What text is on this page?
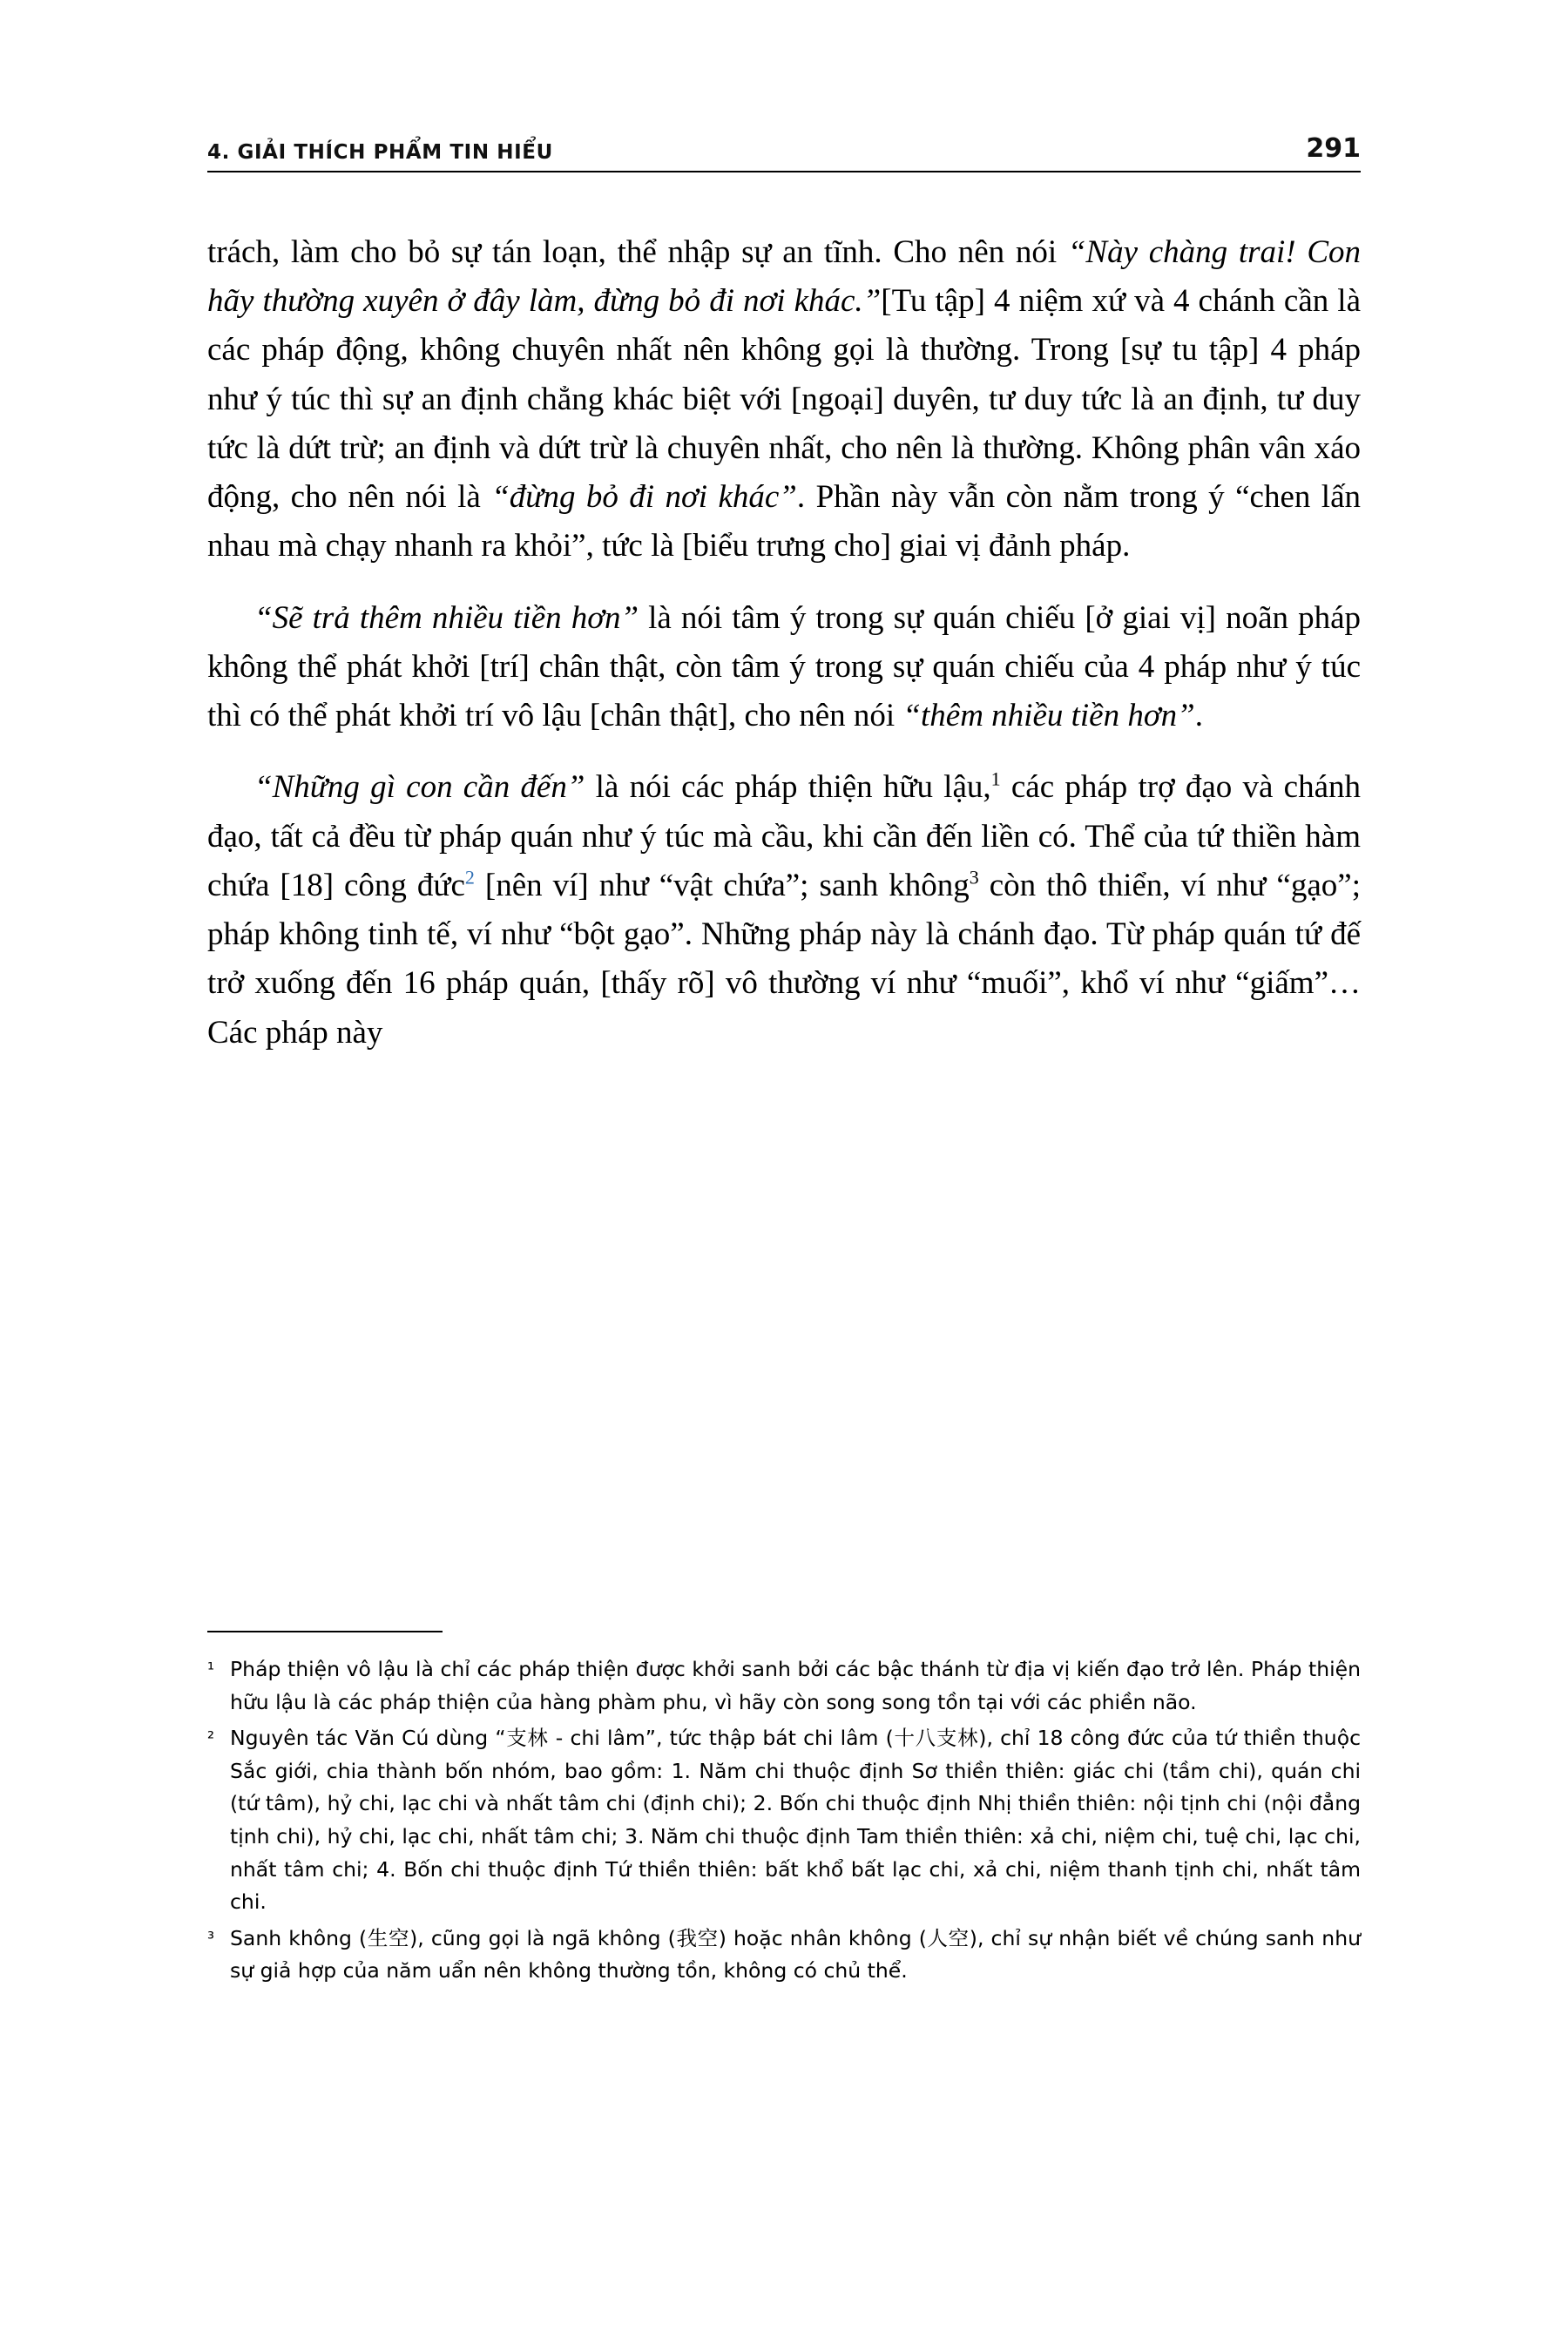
4. GIẢI THÍCH PHẨM TIN HIỂU	291

trách, làm cho bỏ sự tán loạn, thể nhập sự an tĩnh. Cho nên nói “Này chàng trai! Con hãy thường xuyên ở đây làm, đừng bỏ đi nơi khác.”[Tu tập] 4 niệm xứ và 4 chánh cần là các pháp động, không chuyên nhất nên không gọi là thường. Trong [sự tu tập] 4 pháp như ý túc thì sự an định chẳng khác biệt với [ngoại] duyên, tư duy tức là an định, tư duy tức là dứt trừ; an định và dứt trừ là chuyên nhất, cho nên là thường. Không phân vân xáo động, cho nên nói là “đừng bỏ đi nơi khác”. Phần này vẫn còn nằm trong ý “chen lấn nhau mà chạy nhanh ra khỏi”, tức là [biểu trưng cho] giai vị đảnh pháp.

“Sẽ trả thêm nhiều tiền hơn” là nói tâm ý trong sự quán chiếu [ở giai vị] noãn pháp không thể phát khởi [trí] chân thật, còn tâm ý trong sự quán chiếu của 4 pháp như ý túc thì có thể phát khởi trí vô lậu [chân thật], cho nên nói “thêm nhiều tiền hơn”.

“Những gì con cần đến” là nói các pháp thiện hữu lậu,$^1$ các pháp trợ đạo và chánh đạo, tất cả đều từ pháp quán như ý túc mà cầu, khi cần đến liền có. Thể của tứ thiền hàm chứa [18] công đức$^2$ [nên ví] như “vật chứa”; sanh không$^3$ còn thô thiển, ví như “gạo”; pháp không tinh tế, ví như “bột gạo”. Những pháp này là chánh đạo. Từ pháp quán tứ đế trở xuống đến 16 pháp quán, [thấy rõ] vô thường ví như “muối”, khổ ví như “giấm”… Các pháp này

¹ Pháp thiện vô lậu là chỉ các pháp thiện được khởi sanh bởi các bậc thánh từ địa vị kiến đạo trở lên. Pháp thiện hữu lậu là các pháp thiện của hàng phàm phu, vì hãy còn song song tồn tại với các phiền não.
² Nguyên tác Văn Cú dùng “支林 - chi lâm”, tức thập bát chi lâm (十八支林), chỉ 18 công đức của tứ thiền thuộc Sắc giới, chia thành bốn nhóm, bao gồm: 1. Năm chi thuộc định Sơ thiền thiên: giác chi (tầm chi), quán chi (tứ tâm), hỷ chi, lạc chi và nhất tâm chi (định chi); 2. Bốn chi thuộc định Nhị thiền thiên: nội tịnh chi (nội đẳng tịnh chi), hỷ chi, lạc chi, nhất tâm chi; 3. Năm chi thuộc định Tam thiền thiên: xả chi, niệm chi, tuệ chi, lạc chi, nhất tâm chi; 4. Bốn chi thuộc định Tứ thiền thiên: bất khổ bất lạc chi, xả chi, niệm thanh tịnh chi, nhất tâm chi.
³ Sanh không (生空), cũng gọi là ngã không (我空) hoặc nhân không (人空), chỉ sự nhận biết về chúng sanh như sự giả hợp của năm uẩn nên không thường tồn, không có chủ thể.
